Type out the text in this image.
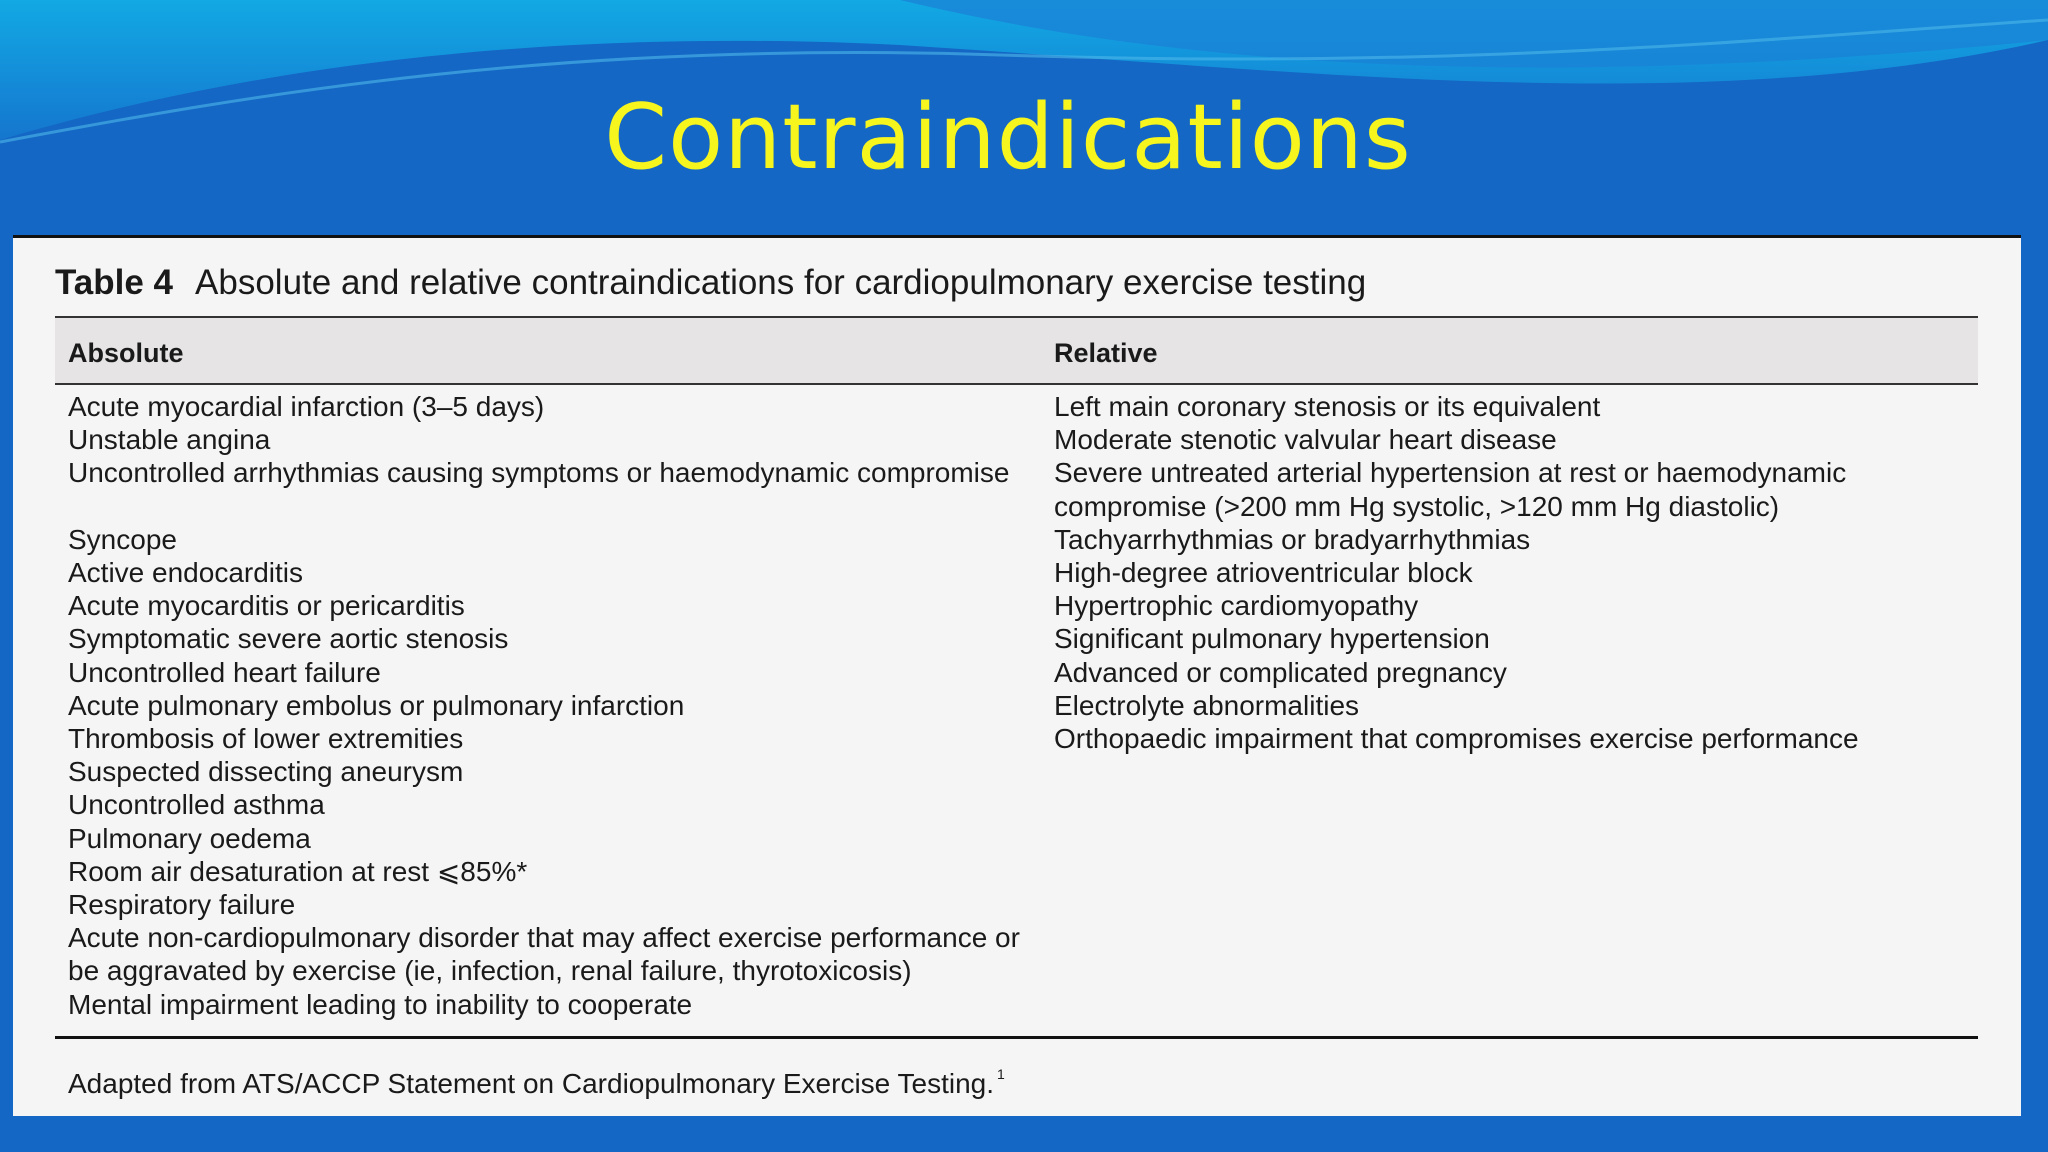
Contraindications
Table 4 Absolute and relative contraindications for cardiopulmonary exercise testing
Absolute	Relative
Acute myocardial infarction (3–5 days)
Unstable angina
Uncontrolled arrhythmias causing symptoms or haemodynamic compromise
Syncope
Active endocarditis
Acute myocarditis or pericarditis
Symptomatic severe aortic stenosis
Uncontrolled heart failure
Acute pulmonary embolus or pulmonary infarction
Thrombosis of lower extremities
Suspected dissecting aneurysm
Uncontrolled asthma
Pulmonary oedema
Room air desaturation at rest ⩽85%*
Respiratory failure
Acute non-cardiopulmonary disorder that may affect exercise performance or be aggravated by exercise (ie, infection, renal failure, thyrotoxicosis)
Mental impairment leading to inability to cooperate
Left main coronary stenosis or its equivalent
Moderate stenotic valvular heart disease
Severe untreated arterial hypertension at rest or haemodynamic compromise (>200 mm Hg systolic, >120 mm Hg diastolic)
Tachyarrhythmias or bradyarrhythmias
High-degree atrioventricular block
Hypertrophic cardiomyopathy
Significant pulmonary hypertension
Advanced or complicated pregnancy
Electrolyte abnormalities
Orthopaedic impairment that compromises exercise performance

Adapted from ATS/ACCP Statement on Cardiopulmonary Exercise Testing. $^1$
